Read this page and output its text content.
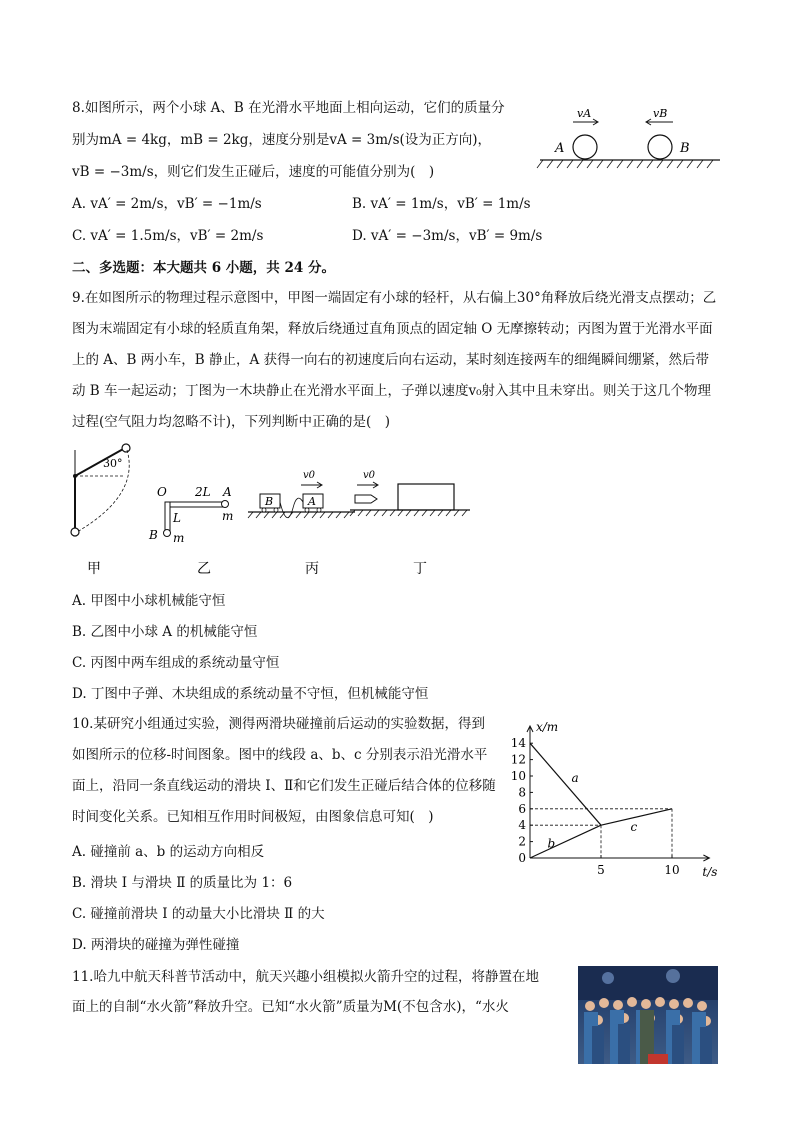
8.如图所示，两个小球 A、B 在光滑水平地面上相向运动，它们的质量分
别为mA = 4kg，mB = 2kg，速度分别是vA = 3m/s(设为正方向)，
vB = −3m/s，则它们发生正碰后，速度的可能值分别为(　)
A. vA′ = 2m/s，vB′ = −1m/s	B. vA′ = 1m/s，vB′ = 1m/s
C. vA′ = 1.5m/s，vB′ = 2m/s	D. vA′ = −3m/s，vB′ = 9m/s
vA	vB
A	B
二、多选题：本大题共 6 小题，共 24 分。
9.在如图所示的物理过程示意图中，甲图一端固定有小球的轻杆，从右偏上30°角释放后绕光滑支点摆动；乙图为末端固定有小球的轻质直角架，释放后绕通过直角顶点的固定轴 O 无摩擦转动；丙图为置于光滑水平面上的 A、B 两小车，B 静止，A 获得一向右的初速度后向右运动，某时刻连接两车的细绳瞬间绷紧，然后带动 B 车一起运动；丁图为一木块静止在光滑水平面上，子弹以速度v₀射入其中且未穿出。则关于这几个物理过程(空气阻力均忽略不计)，下列判断中正确的是(　)
30°
甲
O 2L A
m
L
B m
乙
B	A
v0
丙
v0
丁
A. 甲图中小球机械能守恒
B. 乙图中小球 A 的机械能守恒
C. 丙图中两车组成的系统动量守恒
D. 丁图中子弹、木块组成的系统动量不守恒，但机械能守恒
10.某研究小组通过实验，测得两滑块碰撞前后运动的实验数据，得到如图所示的位移-时间图象。图中的线段 a、b、c 分别表示沿光滑水平面上，沿同一条直线运动的滑块 Ⅰ、Ⅱ和它们发生正碰后结合体的位移随时间变化关系。已知相互作用时间极短，由图象信息可知(　)
A. 碰撞前 a、b 的运动方向相反
B. 滑块 Ⅰ 与滑块 Ⅱ 的质量比为 1：6
C. 碰撞前滑块 Ⅰ 的动量大小比滑块 Ⅱ 的大
D. 两滑块的碰撞为弹性碰撞
x/m
t/s
0
2
4
6
8
10
12
14
5	10
a
b
c
11.哈九中航天科普节活动中，航天兴趣小组模拟火箭升空的过程，将静置在地
面上的自制“水火箭”释放升空。已知“水火箭”质量为M(不包含水)，“水火
